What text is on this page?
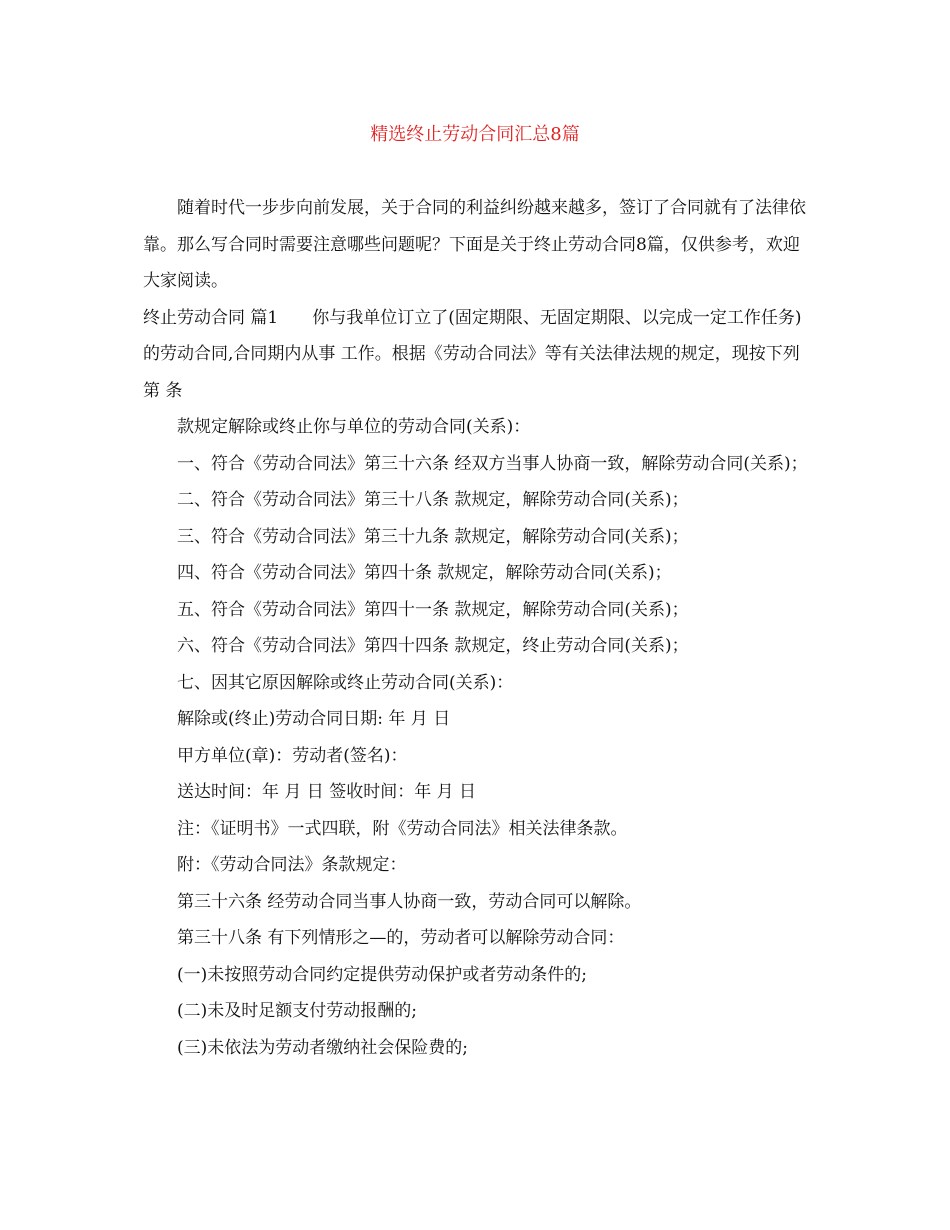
精选终止劳动合同汇总8篇

随着时代一步步向前发展，关于合同的利益纠纷越来越多，签订了合同就有了法律依靠。那么写合同时需要注意哪些问题呢？下面是关于终止劳动合同8篇，仅供参考，欢迎大家阅读。

终止劳动合同 篇1 你与我单位订立了(固定期限、无固定期限、以完成一定工作任务)的劳动合同,合同期内从事 工作。根据《劳动合同法》等有关法律法规的规定，现按下列第 条

款规定解除或终止你与单位的劳动合同(关系)：

一、符合《劳动合同法》第三十六条 经双方当事人协商一致，解除劳动合同(关系)；

二、符合《劳动合同法》第三十八条 款规定，解除劳动合同(关系)；

三、符合《劳动合同法》第三十九条 款规定，解除劳动合同(关系)；

四、符合《劳动合同法》第四十条 款规定，解除劳动合同(关系)；

五、符合《劳动合同法》第四十一条 款规定，解除劳动合同(关系)；

六、符合《劳动合同法》第四十四条 款规定，终止劳动合同(关系)；

七、因其它原因解除或终止劳动合同(关系)：

解除或(终止)劳动合同日期: 年 月 日

甲方单位(章)：劳动者(签名)：

送达时间：年 月 日 签收时间：年 月 日

注：《证明书》一式四联，附《劳动合同法》相关法律条款。

附：《劳动合同法》条款规定：

第三十六条 经劳动合同当事人协商一致，劳动合同可以解除。

第三十八条 有下列情形之—的，劳动者可以解除劳动合同：

(一)未按照劳动合同约定提供劳动保护或者劳动条件的;

(二)未及时足额支付劳动报酬的;

(三)未依法为劳动者缴纳社会保险费的;
